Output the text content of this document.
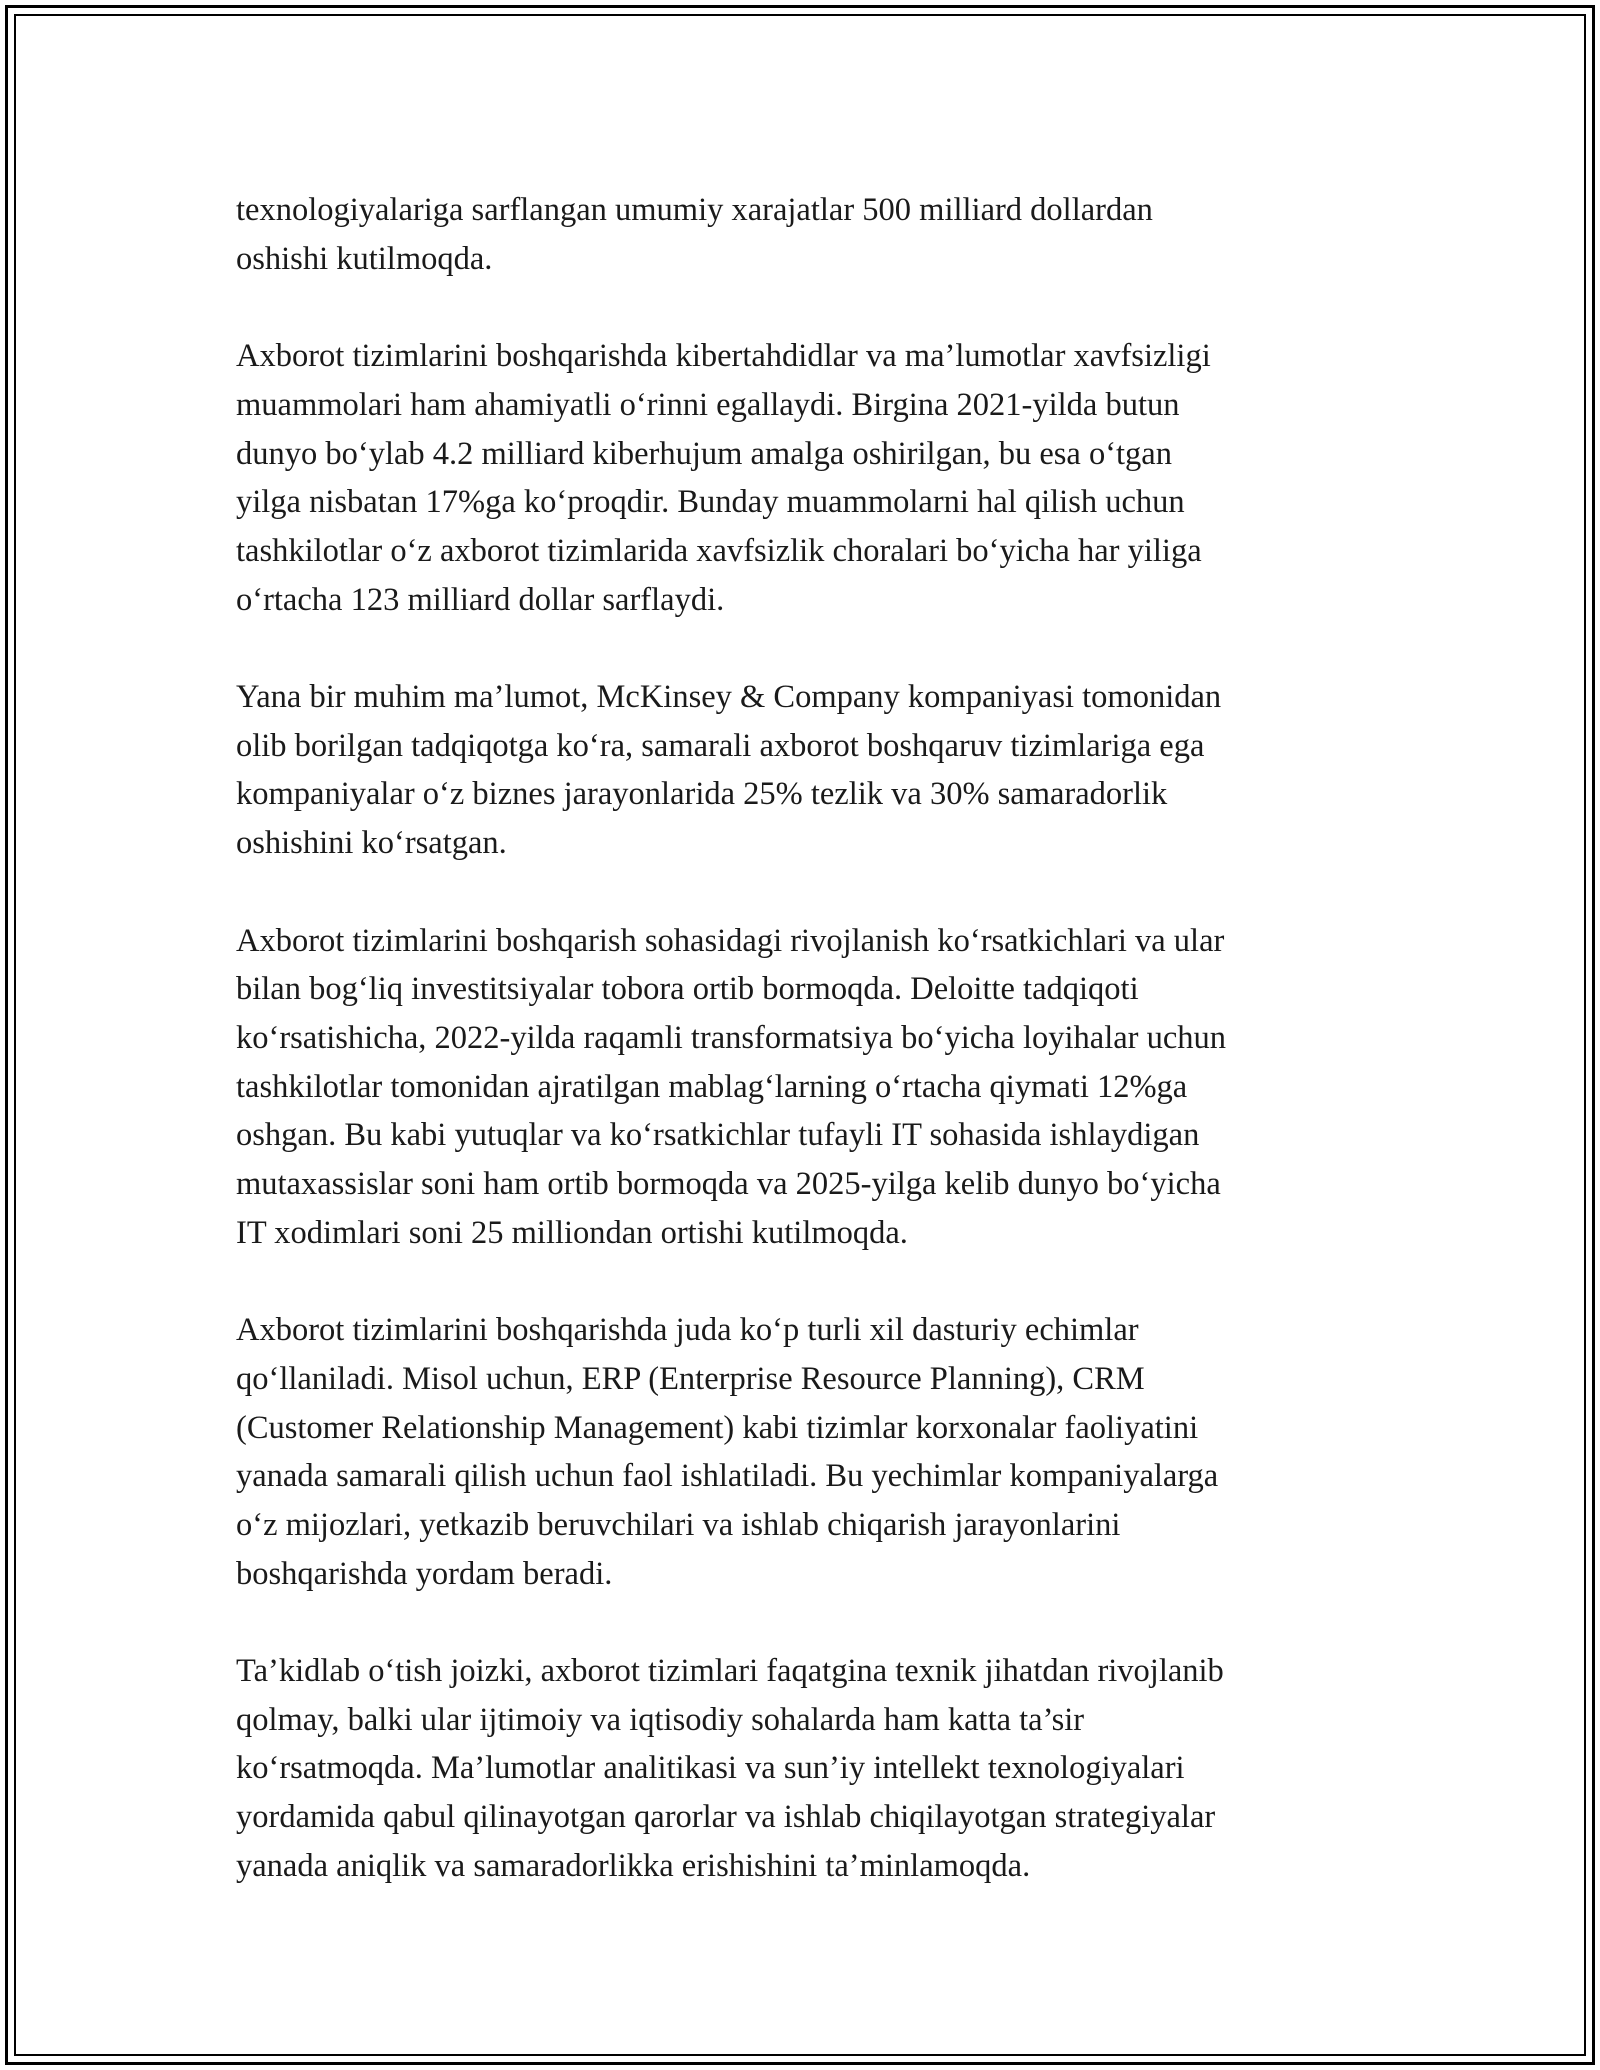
texnologiyalariga sarflangan umumiy xarajatlar 500 milliard dollardan
oshishi kutilmoqda.

Axborot tizimlarini boshqarishda kibertahdidlar va ma’lumotlar xavfsizligi
muammolari ham ahamiyatli o‘rinni egallaydi. Birgina 2021-yilda butun
dunyo bo‘ylab 4.2 milliard kiberhujum amalga oshirilgan, bu esa o‘tgan
yilga nisbatan 17%ga ko‘proqdir. Bunday muammolarni hal qilish uchun
tashkilotlar o‘z axborot tizimlarida xavfsizlik choralari bo‘yicha har yiliga
o‘rtacha 123 milliard dollar sarflaydi.

Yana bir muhim ma’lumot, McKinsey & Company kompaniyasi tomonidan
olib borilgan tadqiqotga ko‘ra, samarali axborot boshqaruv tizimlariga ega
kompaniyalar o‘z biznes jarayonlarida 25% tezlik va 30% samaradorlik
oshishini ko‘rsatgan.

Axborot tizimlarini boshqarish sohasidagi rivojlanish ko‘rsatkichlari va ular
bilan bog‘liq investitsiyalar tobora ortib bormoqda. Deloitte tadqiqoti
ko‘rsatishicha, 2022-yilda raqamli transformatsiya bo‘yicha loyihalar uchun
tashkilotlar tomonidan ajratilgan mablag‘larning o‘rtacha qiymati 12%ga
oshgan. Bu kabi yutuqlar va ko‘rsatkichlar tufayli IT sohasida ishlaydigan
mutaxassislar soni ham ortib bormoqda va 2025-yilga kelib dunyo bo‘yicha
IT xodimlari soni 25 milliondan ortishi kutilmoqda.

Axborot tizimlarini boshqarishda juda ko‘p turli xil dasturiy echimlar
qo‘llaniladi. Misol uchun, ERP (Enterprise Resource Planning), CRM
(Customer Relationship Management) kabi tizimlar korxonalar faoliyatini
yanada samarali qilish uchun faol ishlatiladi. Bu yechimlar kompaniyalarga
o‘z mijozlari, yetkazib beruvchilari va ishlab chiqarish jarayonlarini
boshqarishda yordam beradi.

Ta’kidlab o‘tish joizki, axborot tizimlari faqatgina texnik jihatdan rivojlanib
qolmay, balki ular ijtimoiy va iqtisodiy sohalarda ham katta ta’sir
ko‘rsatmoqda. Ma’lumotlar analitikasi va sun’iy intellekt texnologiyalari
yordamida qabul qilinayotgan qarorlar va ishlab chiqilayotgan strategiyalar
yanada aniqlik va samaradorlikka erishishini ta’minlamoqda.
